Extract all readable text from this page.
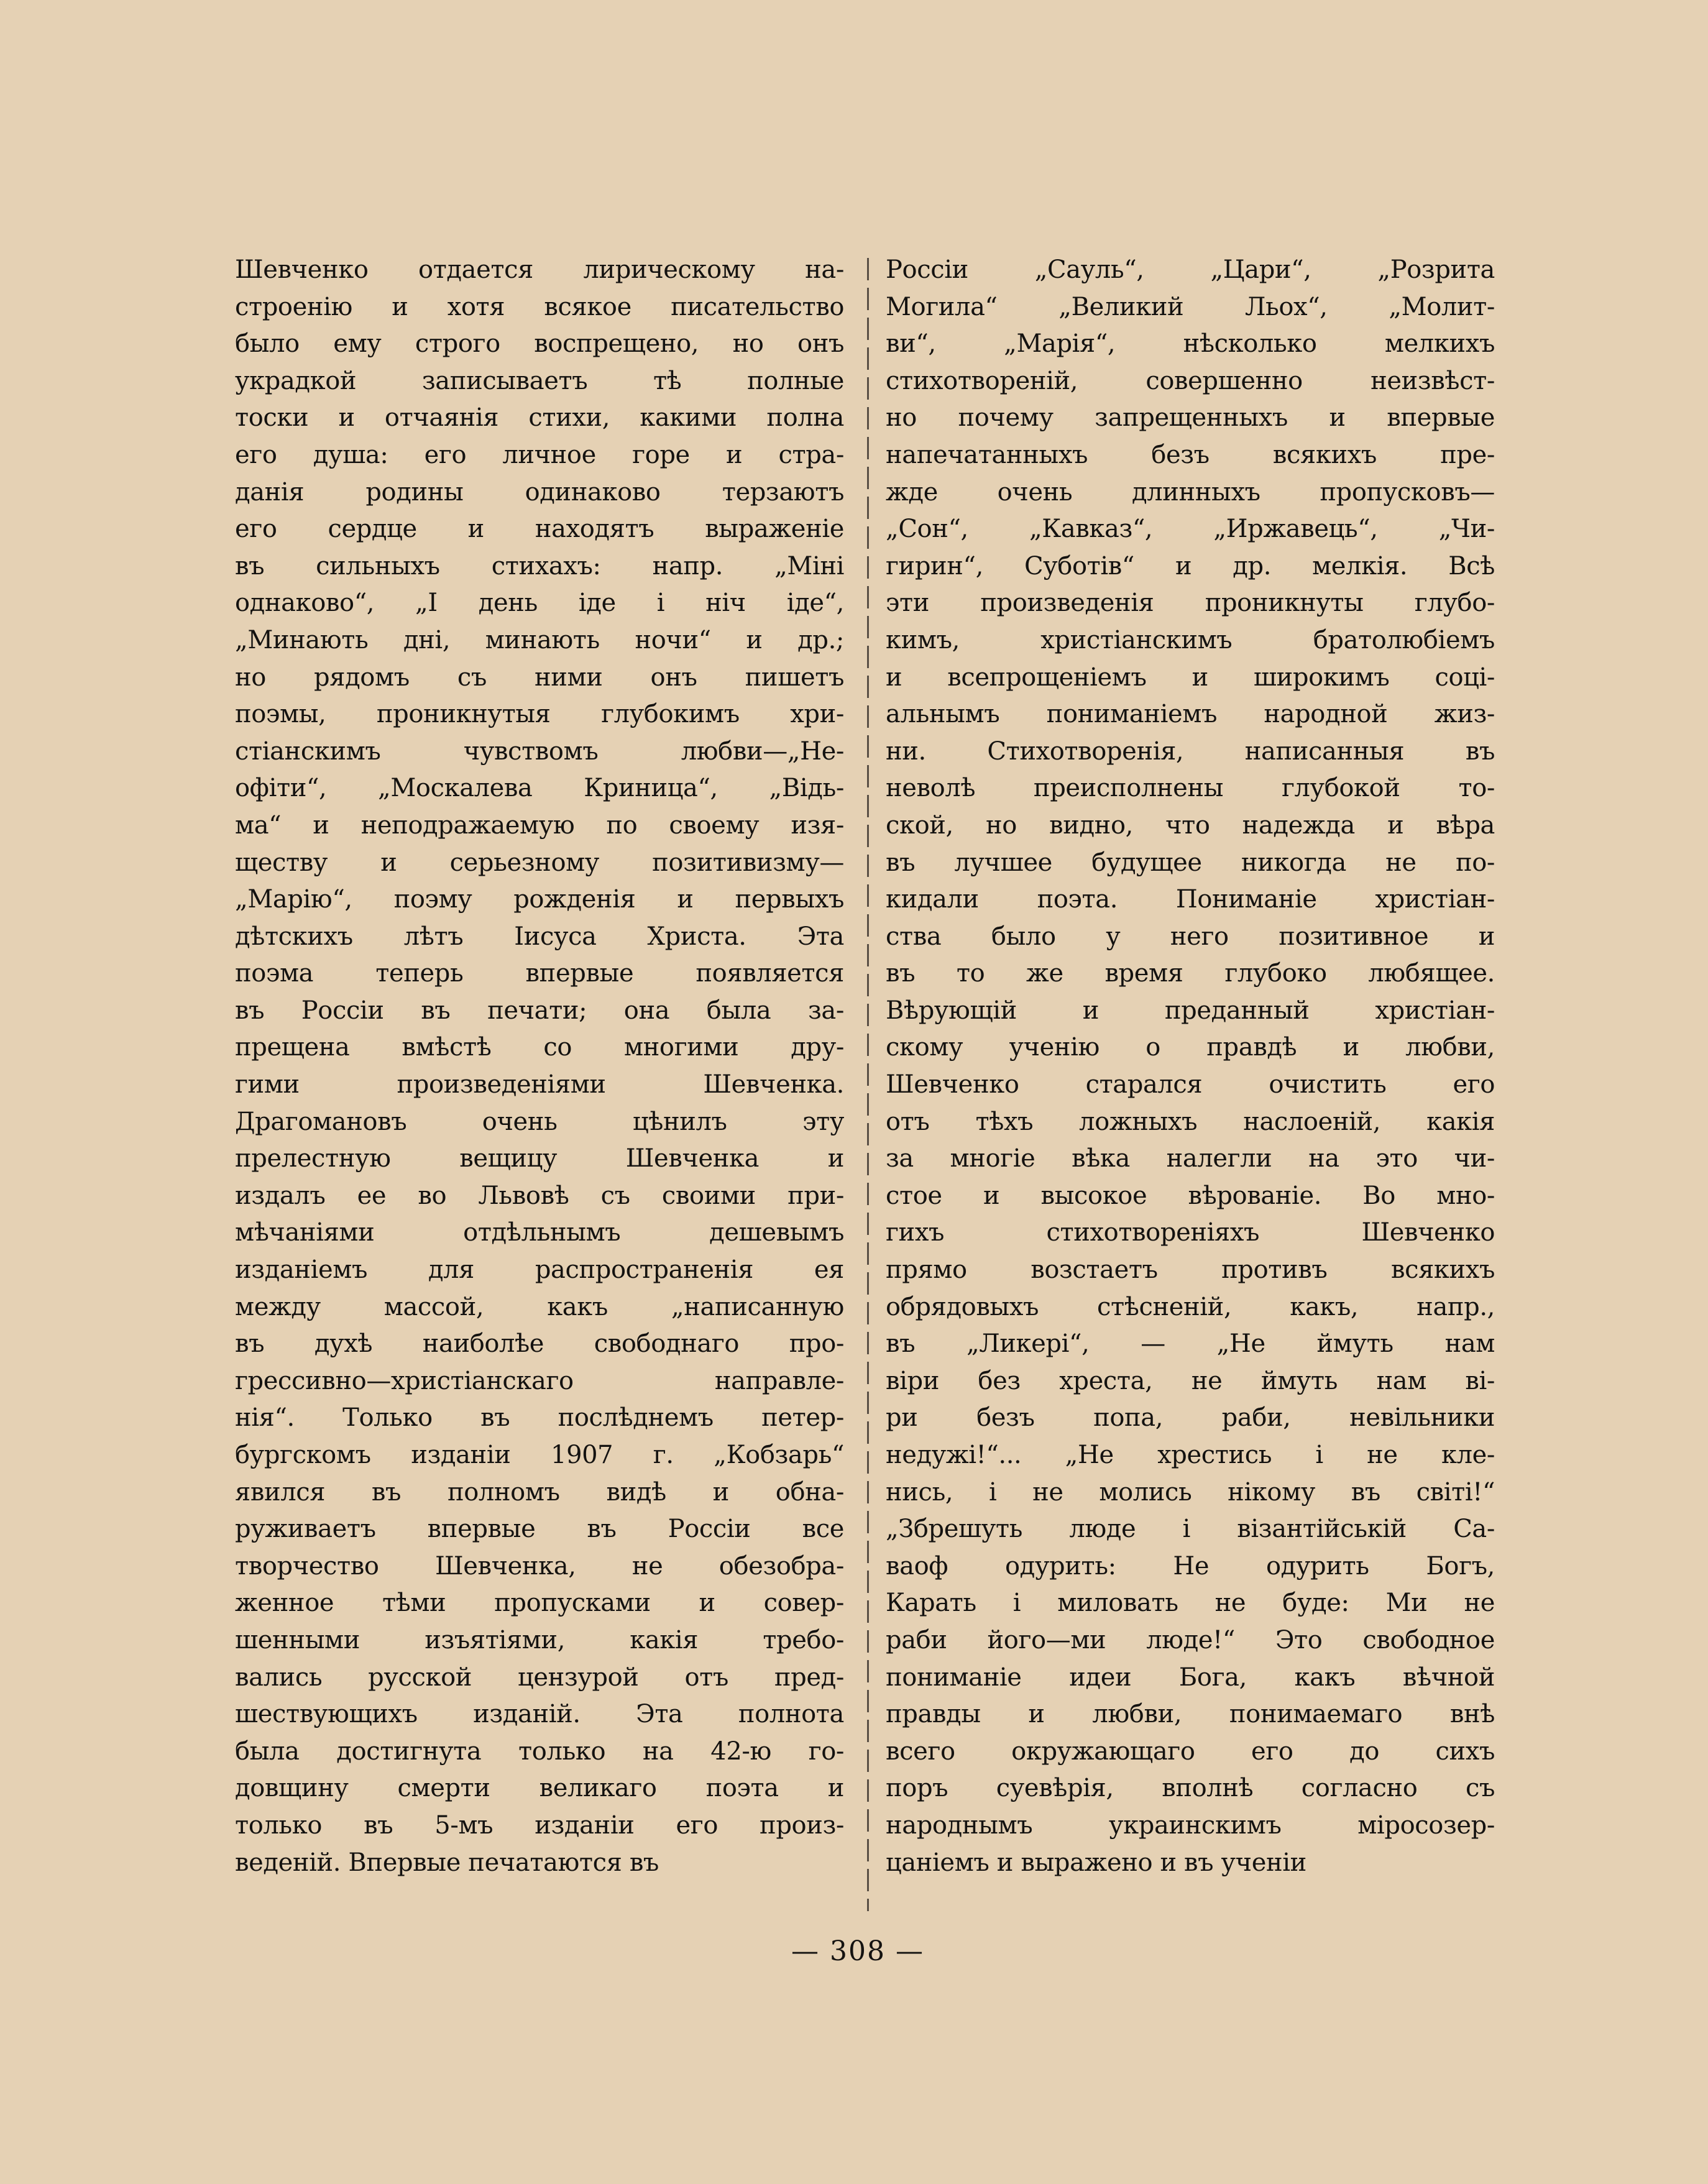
Шевченко отдается лирическому на-
строенію и хотя всякое писательство
было ему строго воспрещено, но онъ
украдкой записываетъ тѣ полные
тоски и отчаянія стихи, какими полна
его душа: его личное горе и стра-
данія родины одинаково терзаютъ
его сердце и находятъ выраженіе
въ сильныхъ стихахъ: напр. „Мінi
однаково“, „І день іде і ніч іде“,
„Минають дні, минають ночи“ и др.;
но рядомъ съ ними онъ пишетъ
поэмы, проникнутыя глубокимъ хри-
стіанскимъ чувствомъ любви—„Не-
офіти“, „Москалева Криница“, „Відь-
ма“ и неподражаемую по своему изя-
ществу и серьезному позитивизму—
„Марію“, поэму рожденія и первыхъ
дѣтскихъ лѣтъ Іисуса Христа. Эта
поэма теперь впервые появляется
въ Россіи въ печати; она была за-
прещена вмѣстѣ со многими дру-
гими произведеніями Шевченка.
Драгомановъ очень цѣнилъ эту
прелестную вещицу Шевченка и
издалъ ее во Львовѣ съ своими при-
мѣчаніями отдѣльнымъ дешевымъ
изданіемъ для распространенія ея
между массой, какъ „написанную
въ духѣ наиболѣе свободнаго про-
грессивно—христіанскаго направле-
нія“. Только въ послѣднемъ петер-
бургскомъ изданіи 1907 г. „Кобзарь“
явился въ полномъ видѣ и обна-
руживаетъ впервые въ Россіи все
творчество Шевченка, не обезобра-
женное тѣми пропусками и совер-
шенными изъятіями, какія требо-
вались русской цензурой отъ пред-
шествующихъ изданій. Эта полнота
была достигнута только на 42-ю го-
довщину смерти великаго поэта и
только въ 5-мъ изданіи его произ-
веденій. Впервые печатаются въ
Россіи „Сауль“, „Цари“, „Розрита
Могила“ „Великий Льох“, „Молит-
ви“, „Марія“, нѣсколько мелкихъ
стихотвореній, совершенно неизвѣст-
но почему запрещенныхъ и впервые
напечатанныхъ безъ всякихъ пре-
жде очень длинныхъ пропусковъ—
„Сон“, „Кавказ“, „Иржавець“, „Чи-
гирин“, Суботів“ и др. мелкія. Всѣ
эти произведенія проникнуты глубо-
кимъ, христіанскимъ братолюбіемъ
и всепрощеніемъ и широкимъ соці-
альнымъ пониманіемъ народной жиз-
ни. Стихотворенія, написанныя въ
неволѣ преисполнены глубокой то-
ской, но видно, что надежда и вѣра
въ лучшее будущее никогда не по-
кидали поэта. Пониманіе христіан-
ства было у него позитивное и
въ то же время глубоко любящее.
Вѣрующій и преданный христіан-
скому ученію о правдѣ и любви,
Шевченко старался очистить его
отъ тѣхъ ложныхъ наслоеній, какія
за многіе вѣка налегли на это чи-
стое и высокое вѣрованіе. Во мно-
гихъ стихотвореніяхъ Шевченко
прямо возстаетъ противъ всякихъ
обрядовыхъ стѣсненій, какъ, напр.,
въ „Ликері“, — „Не ймуть нам
віри без хреста, не ймуть нам ві-
ри безъ попа, раби, невільники
недужі!“... „Не хрестись і не кле-
нись, і не молись нікому въ світі!“
„Збрешуть люде і візантійській Са-
ваоф одурить: Не одурить Богъ,
Карать і миловать не буде: Ми не
раби його—ми люде!“ Это свободное
пониманіе идеи Бога, какъ вѣчной
правды и любви, понимаемаго внѣ
всего окружающаго его до сихъ
поръ суевѣрія, вполнѣ согласно съ
народнымъ украинскимъ міросозер-
цаніемъ и выражено и въ ученіи
— 308 —
